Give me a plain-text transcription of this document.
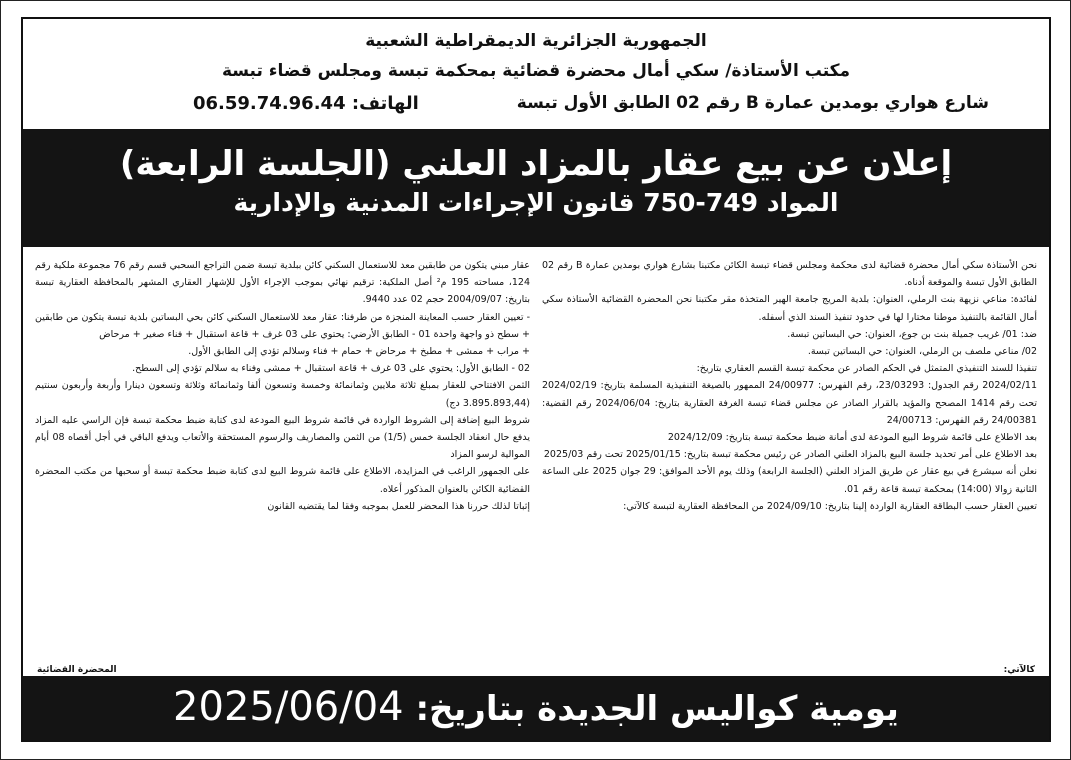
الجمهورية الجزائرية الديمقراطية الشعبية
مكتب الأستاذة/ سكي أمال محضرة قضائية بمحكمة تبسة ومجلس قضاء تبسة
شارع هواري بومدين عمارة B رقم 02 الطابق الأول تبسة
الهاتف: 06.59.74.96.44
إعلان عن بيع عقار بالمزاد العلني (الجلسة الرابعة)
المواد 749-750 قانون الإجراءات المدنية والإدارية

نحن الأستاذة سكي أمال محضرة قضائية لدى محكمة ومجلس قضاء تبسة الكائن مكتبنا بشارع هواري بومدين عمارة B رقم 02 الطابق الأول تبسة والموقعة أدناه.

لفائدة: مناعي نزيهة بنت الرملي، العنوان: بلدية المريج جامعة الهير المتخذة مقر مكتبنا نحن المحضرة القضائية الأستاذة سكي أمال القائمة بالتنفيذ موطنا مختارا لها في حدود تنفيذ السند الذي أسفله.

ضد: 01/ غريب جميلة بنت بن جوع، العنوان: حي البساتين تبسة.

02/ مناعي ملصف بن الرملي، العنوان: حي البساتين تبسة.

تنفيذا للسند التنفيذي المتمثل في الحكم الصادر عن محكمة تبسة القسم العقاري بتاريخ:

2024/02/11 رقم الجدول: 23/03293، رقم الفهرس: 24/00977 الممهور بالصيغة التنفيذية المسلمة بتاريخ: 2024/02/19 تحت رقم 1414 المصحح والمؤيد بالقرار الصادر عن مجلس قضاء تبسة الغرفة العقارية بتاريخ: 2024/06/04 رقم القضية: 24/00381 رقم الفهرس: 24/00713

بعد الاطلاع على قائمة شروط البيع المودعة لدى أمانة ضبط محكمة تبسة بتاريخ: 2024/12/09

بعد الاطلاع على أمر تحديد جلسة البيع بالمزاد العلني الصادر عن رئيس محكمة تبسة بتاريخ: 2025/01/15 تحت رقم 2025/03

نعلن أنه سيشرع في بيع عقار عن طريق المزاد العلني (الجلسة الرابعة) وذلك يوم الأحد الموافق: 29 جوان 2025 على الساعة الثانية زوالا (14:00) بمحكمة تبسة قاعة رقم 01.

تعيين العقار حسب البطاقة العقارية الواردة إلينا بتاريخ: 2024/09/10 من المحافظة العقارية لتبسة كالآتي:

عقار مبني يتكون من طابقين معد للاستعمال السكني كائن ببلدية تبسة ضمن التراجع السحبي قسم رقم 76 مجموعة ملكية رقم 124، مساحته 195 م² أصل الملكية: ترقيم نهائي بموجب الإجراء الأول للإشهار العقاري المشهر بالمحافظة العقارية تبسة بتاريخ: 2004/09/07 حجم 02 عدد 9440.

- تعيين العقار حسب المعاينة المنجزة من طرفنا: عقار معد للاستعمال السكني كائن بحي البساتين بلدية تبسة يتكون من طابقين + سطح ذو واجهة واحدة 01 - الطابق الأرضي: يحتوي على 03 غرف + قاعة استقبال + فناء صغير + مرحاض

+ مراب + ممشى + مطبخ + مرحاض + حمام + فناء وسلالم تؤدي إلى الطابق الأول.

02 - الطابق الأول: يحتوي على 03 غرف + قاعة استقبال + ممشى وفناء به سلالم تؤدي إلى السطح.

الثمن الافتتاحي للعقار بمبلغ ثلاثة ملايين وثمانمائة وخمسة وتسعون ألفا وثمانمائة وثلاثة وتسعون دينارا وأربعة وأربعون سنتيم (3.895.893,44 دج)

شروط البيع إضافة إلى الشروط الواردة في قائمة شروط البيع المودعة لدى كتابة ضبط محكمة تبسة فإن الراسي عليه المزاد يدفع حال انعقاد الجلسة خمس (1/5) من الثمن والمصاريف والرسوم المستحقة والأتعاب ويدفع الباقي في أجل أقصاه 08 أيام الموالية لرسو المزاد

على الجمهور الراغب في المزايدة، الاطلاع على قائمة شروط البيع لدى كتابة ضبط محكمة تبسة أو سحبها من مكتب المحضرة القضائية الكائن بالعنوان المذكور أعلاه.

إثباتا لذلك حررنا هذا المحضر للعمل بموجبه وفقا لما يقتضيه القانون

كالآتي:
المحضرة القضائية
يومية كواليس الجديدة بتاريخ: 2025/06/04
